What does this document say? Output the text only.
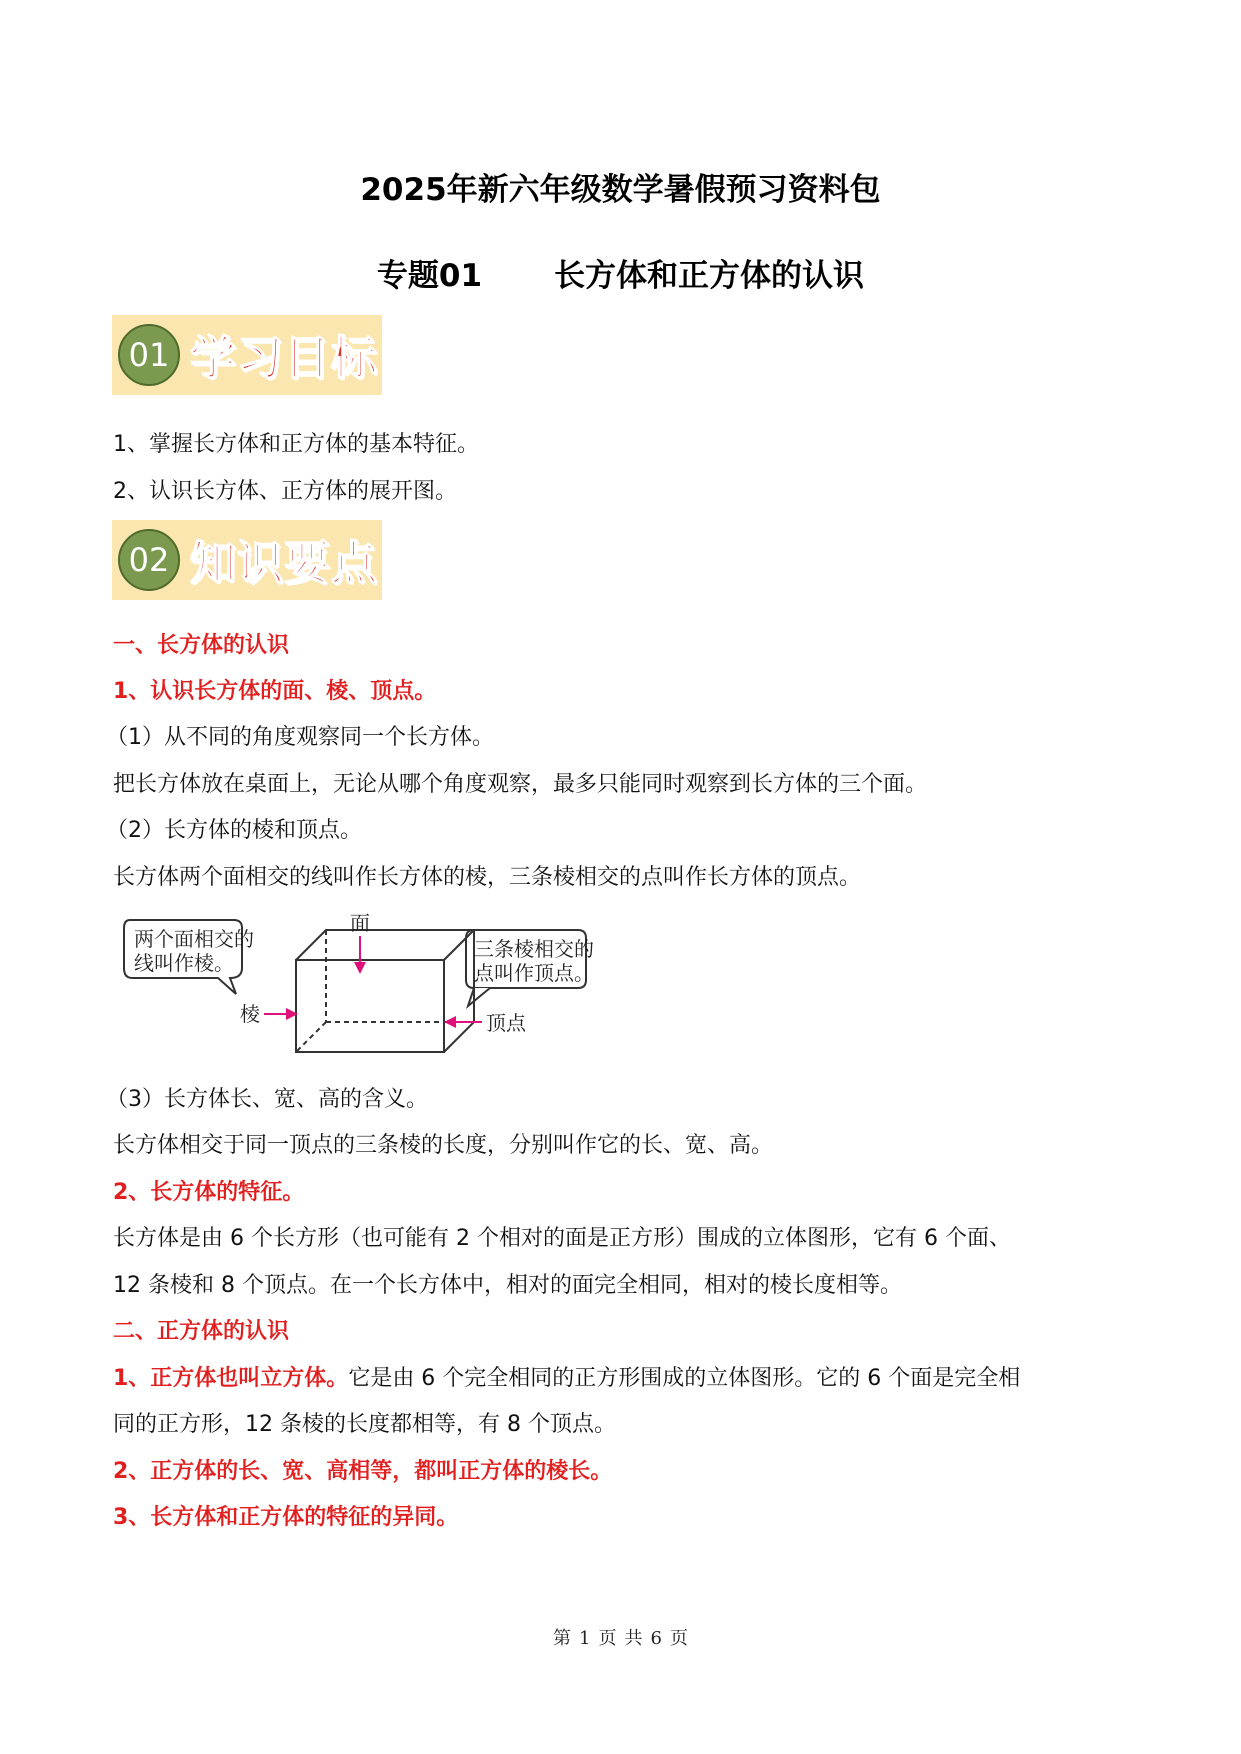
2025年新六年级数学暑假预习资料包
专题01 长方体和正方体的认识
01 学习目标
1、掌握长方体和正方体的基本特征。
2、认识长方体、正方体的展开图。
02 知识要点
一、长方体的认识
1、认识长方体的面、棱、顶点。
（1）从不同的角度观察同一个长方体。
把长方体放在桌面上，无论从哪个角度观察，最多只能同时观察到长方体的三个面。
（2）长方体的棱和顶点。
长方体两个面相交的线叫作长方体的棱，三条棱相交的点叫作长方体的顶点。
两个面相交的
线叫作棱。
三条棱相交的
点叫作顶点。
面
棱	顶点
（3）长方体长、宽、高的含义。
长方体相交于同一顶点的三条棱的长度，分别叫作它的长、宽、高。
2、长方体的特征。
长方体是由 6 个长方形（也可能有 2 个相对的面是正方形）围成的立体图形，它有 6 个面、
12 条棱和 8 个顶点。在一个长方体中，相对的面完全相同，相对的棱长度相等。
二、正方体的认识
1、正方体也叫立方体。它是由 6 个完全相同的正方形围成的立体图形。它的 6 个面是完全相
同的正方形，12 条棱的长度都相等，有 8 个顶点。
2、正方体的长、宽、高相等，都叫正方体的棱长。
3、长方体和正方体的特征的异同。
第 1 页 共 6 页
